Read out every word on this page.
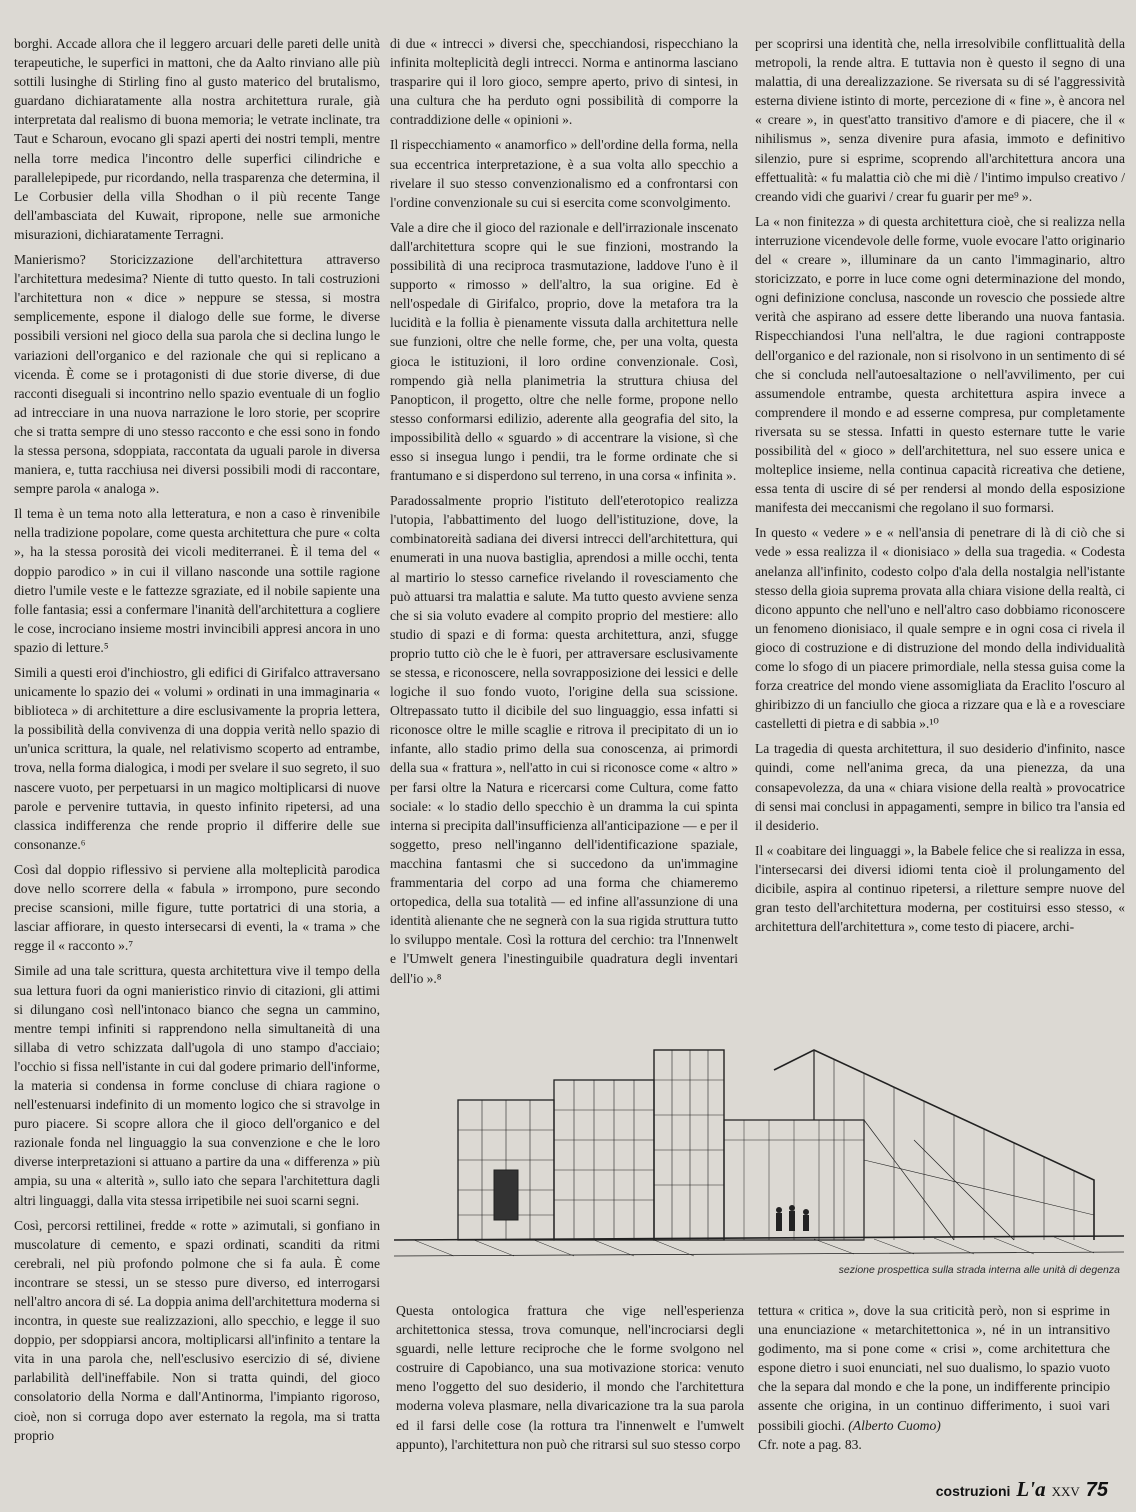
borghi. Accade allora che il leggero arcuari delle pareti delle unità terapeutiche, le superfici in mattoni, che da Aalto rinviano alle più sottili lusinghe di Stirling fino al gusto materico del brutalismo, guardano dichiaratamente alla nostra architettura rurale, già interpretata dal realismo di buona memoria; le vetrate inclinate, tra Taut e Scharoun, evocano gli spazi aperti dei nostri templi, mentre nella torre medica l'incontro delle superfici cilindriche e parallelepipede, pur ricordando, nella trasparenza che determina, il Le Corbusier della villa Shodhan o il più recente Tange dell'ambasciata del Kuwait, ripropone, nelle sue armoniche misurazioni, dichiaratamente Terragni.

Manierismo? Storicizzazione dell'architettura attraverso l'architettura medesima? Niente di tutto questo. In tali costruzioni l'architettura non « dice » neppure se stessa, si mostra semplicemente, espone il dialogo delle sue forme, le diverse possibili versioni nel gioco della sua parola che si declina lungo le variazioni dell'organico e del razionale che qui si replicano a vicenda. È come se i protagonisti di due storie diverse, di due racconti diseguali si incontrino nello spazio eventuale di un foglio ad intrecciare in una nuova narrazione le loro storie, per scoprire che si tratta sempre di uno stesso racconto e che essi sono in fondo la stessa persona, sdoppiata, raccontata da uguali parole in diversa maniera, e, tutta racchiusa nei diversi possibili modi di raccontare, sempre parola « analoga ».

Il tema è un tema noto alla letteratura, e non a caso è rinvenibile nella tradizione popolare, come questa architettura che pure « colta », ha la stessa porosità dei vicoli mediterranei. È il tema del « doppio parodico » in cui il villano nasconde una sottile ragione dietro l'umile veste e le fattezze sgraziate, ed il nobile sapiente una folle fantasia; essi a confermare l'inanità dell'architettura a cogliere le cose, incrociano insieme mostri invincibili appresi ancora in uno spazio di letture.⁵

Simili a questi eroi d'inchiostro, gli edifici di Girifalco attraversano unicamente lo spazio dei « volumi » ordinati in una immaginaria « biblioteca » di architetture a dire esclusivamente la propria lettera, la possibilità della convivenza di una doppia verità nello spazio di un'unica scrittura, la quale, nel relativismo scoperto ad entrambe, trova, nella forma dialogica, i modi per svelare il suo segreto, il suo nascere vuoto, per perpetuarsi in un magico moltiplicarsi di nuove parole e pervenire tuttavia, in questo infinito ripetersi, ad una classica indifferenza che rende proprio il differire delle sue consonanze.⁶

Così dal doppio riflessivo si perviene alla molteplicità parodica dove nello scorrere della « fabula » irrompono, pure secondo precise scansioni, mille figure, tutte portatrici di una storia, a lasciar affiorare, in questo intersecarsi di eventi, la « trama » che regge il « racconto ».⁷

Simile ad una tale scrittura, questa architettura vive il tempo della sua lettura fuori da ogni manieristico rinvio di citazioni, gli attimi si dilungano così nell'intonaco bianco che segna un cammino, mentre tempi infiniti si rapprendono nella simultaneità di una sillaba di vetro schizzata dall'ugola di uno stampo d'acciaio; l'occhio si fissa nell'istante in cui dal godere primario dell'informe, la materia si condensa in forme concluse di chiara ragione o nell'estenuarsi indefinito di un momento logico che si stravolge in puro piacere. Si scopre allora che il gioco dell'organico e del razionale fonda nel linguaggio la sua convenzione e che le loro diverse interpretazioni si attuano a partire da una « differenza » più ampia, su una « alterità », sullo iato che separa l'architettura dagli altri linguaggi, dalla vita stessa irripetibile nei suoi scarni segni.

Così, percorsi rettilinei, fredde « rotte » azimutali, si gonfiano in muscolature di cemento, e spazi ordinati, scanditi da ritmi cerebrali, nel più profondo polmone che si fa aula. È come incontrare se stessi, un se stesso pure diverso, ed interrogarsi nell'altro ancora di sé. La doppia anima dell'architettura moderna si incontra, in queste sue realizzazioni, allo specchio, e legge il suo doppio, per sdoppiarsi ancora, moltiplicarsi all'infinito a tentare la vita in una parola che, nell'esclusivo esercizio di sé, diviene parlabilità dell'ineffabile. Non si tratta quindi, del gioco consolatorio della Norma e dall'Antinorma, l'impianto rigoroso, cioè, non si corruga dopo aver esternato la regola, ma si tratta proprio

di due « intrecci » diversi che, specchiandosi, rispecchiano la infinita molteplicità degli intrecci. Norma e antinorma lasciano trasparire qui il loro gioco, sempre aperto, privo di sintesi, in una cultura che ha perduto ogni possibilità di comporre la contraddizione delle « opinioni ».

Il rispecchiamento « anamorfico » dell'ordine della forma, nella sua eccentrica interpretazione, è a sua volta allo specchio a rivelare il suo stesso convenzionalismo ed a confrontarsi con l'ordine convenzionale su cui si esercita come sconvolgimento.

Vale a dire che il gioco del razionale e dell'irrazionale inscenato dall'architettura scopre qui le sue finzioni, mostrando la possibilità di una reciproca trasmutazione, laddove l'uno è il supporto « rimosso » dell'altro, la sua origine. Ed è nell'ospedale di Girifalco, proprio, dove la metafora tra la lucidità e la follia è pienamente vissuta dalla architettura nelle sue funzioni, oltre che nelle forme, che, per una volta, questa gioca le istituzioni, il loro ordine convenzionale. Così, rompendo già nella planimetria la struttura chiusa del Panopticon, il progetto, oltre che nelle forme, propone nello stesso conformarsi edilizio, aderente alla geografia del sito, la impossibilità dello « sguardo » di accentrare la visione, sì che esso si insegua lungo i pendii, tra le forme ordinate che si frantumano e si disperdono sul terreno, in una corsa « infinita ».

Paradossalmente proprio l'istituto dell'eterotopico realizza l'utopia, l'abbattimento del luogo dell'istituzione, dove, la combinatoreità sadiana dei diversi intrecci dell'architettura, qui enumerati in una nuova bastiglia, aprendosi a mille occhi, tenta al martirio lo stesso carnefice rivelando il rovesciamento che può attuarsi tra malattia e salute. Ma tutto questo avviene senza che si sia voluto evadere al compito proprio del mestiere: allo studio di spazi e di forma: questa architettura, anzi, sfugge proprio tutto ciò che le è fuori, per attraversare esclusivamente se stessa, e riconoscere, nella sovrapposizione dei lessici e delle logiche il suo fondo vuoto, l'origine della sua scissione. Oltrepassato tutto il dicibile del suo linguaggio, essa infatti si riconosce oltre le mille scaglie e ritrova il precipitato di un io infante, allo stadio primo della sua conoscenza, ai primordi della sua « frattura », nell'atto in cui si riconosce come « altro » per farsi oltre la Natura e ricercarsi come Cultura, come fatto sociale: « lo stadio dello specchio è un dramma la cui spinta interna si precipita dall'insufficienza all'anticipazione — e per il soggetto, preso nell'inganno dell'identificazione spaziale, macchina fantasmi che si succedono da un'immagine frammentaria del corpo ad una forma che chiameremo ortopedica, della sua totalità — ed infine all'assunzione di una identità alienante che ne segnerà con la sua rigida struttura tutto lo sviluppo mentale. Così la rottura del cerchio: tra l'Innenwelt e l'Umwelt genera l'inestinguibile quadratura degli inventari dell'io ».⁸

per scoprirsi una identità che, nella irresolvibile conflittualità della metropoli, la rende altra. E tuttavia non è questo il segno di una malattia, di una derealizzazione. Se riversata su di sé l'aggressività esterna diviene istinto di morte, percezione di « fine », è ancora nel « creare », in quest'atto transitivo d'amore e di piacere, che il « nihilismus », senza divenire pura afasia, immoto e definitivo silenzio, pure si esprime, scoprendo all'architettura ancora una effettualità: « fu malattia ciò che mi diè / l'intimo impulso creativo / creando vidi che guarivi / crear fu guarir per me⁹ ».

La « non finitezza » di questa architettura cioè, che si realizza nella interruzione vicendevole delle forme, vuole evocare l'atto originario del « creare », illuminare da un canto l'immaginario, altro storicizzato, e porre in luce come ogni determinazione del mondo, ogni definizione conclusa, nasconde un rovescio che possiede altre verità che aspirano ad essere dette liberando una nuova fantasia. Rispecchiandosi l'una nell'altra, le due ragioni contrapposte dell'organico e del razionale, non si risolvono in un sentimento di sé che si concluda nell'autoesaltazione o nell'avvilimento, per cui assumendole entrambe, questa architettura aspira invece a comprendere il mondo e ad esserne compresa, pur completamente riversata su se stessa. Infatti in questo esternare tutte le varie possibilità del « gioco » dell'architettura, nel suo essere unica e molteplice insieme, nella continua capacità ricreativa che detiene, essa tenta di uscire di sé per rendersi al mondo della esposizione manifesta dei meccanismi che regolano il suo formarsi.

In questo « vedere » e « nell'ansia di penetrare di là di ciò che si vede » essa realizza il « dionisiaco » della sua tragedia. « Codesta anelanza all'infinito, codesto colpo d'ala della nostalgia nell'istante stesso della gioia suprema provata alla chiara visione della realtà, ci dicono appunto che nell'uno e nell'altro caso dobbiamo riconoscere un fenomeno dionisiaco, il quale sempre e in ogni cosa ci rivela il gioco di costruzione e di distruzione del mondo della individualità come lo sfogo di un piacere primordiale, nella stessa guisa come la forza creatrice del mondo viene assomigliata da Eraclito l'oscuro al ghiribizzo di un fanciullo che gioca a rizzare qua e là e a rovesciare castelletti di pietra e di sabbia ».¹⁰

La tragedia di questa architettura, il suo desiderio d'infinito, nasce quindi, come nell'anima greca, da una pienezza, da una consapevolezza, da una « chiara visione della realtà » provocatrice di sensi mai conclusi in appagamenti, sempre in bilico tra l'ansia ed il desiderio.

Il « coabitare dei linguaggi », la Babele felice che si realizza in essa, l'intersecarsi dei diversi idiomi tenta cioè il prolungamento del dicibile, aspira al continuo ripetersi, a riletture sempre nuove del gran testo dell'architettura moderna, per costituirsi esso stesso, « architettura dell'architettura », come testo di piacere, archi-

sezione prospettica sulla strada interna alle unità di degenza

Questa ontologica frattura che vige nell'esperienza architettonica stessa, trova comunque, nell'incrociarsi degli sguardi, nelle letture reciproche che le forme svolgono nel costruire di Capobianco, una sua motivazione storica: venuto meno l'oggetto del suo desiderio, il mondo che l'architettura moderna voleva plasmare, nella divaricazione tra la sua parola ed il farsi delle cose (la rottura tra l'innenwelt e l'umwelt appunto), l'architettura non può che ritrarsi sul suo stesso corpo

tettura « critica », dove la sua criticità però, non si esprime in una enunciazione « metarchitettonica », né in un intransitivo godimento, ma si pone come « crisi », come architettura che espone dietro i suoi enunciati, nel suo dualismo, lo spazio vuoto che la separa dal mondo e che la pone, un indifferente principio assente che origina, in un continuo differimento, i suoi vari possibili giochi. (Alberto Cuomo)

Cfr. note a pag. 83.

costruzioni L'a XXV 75
